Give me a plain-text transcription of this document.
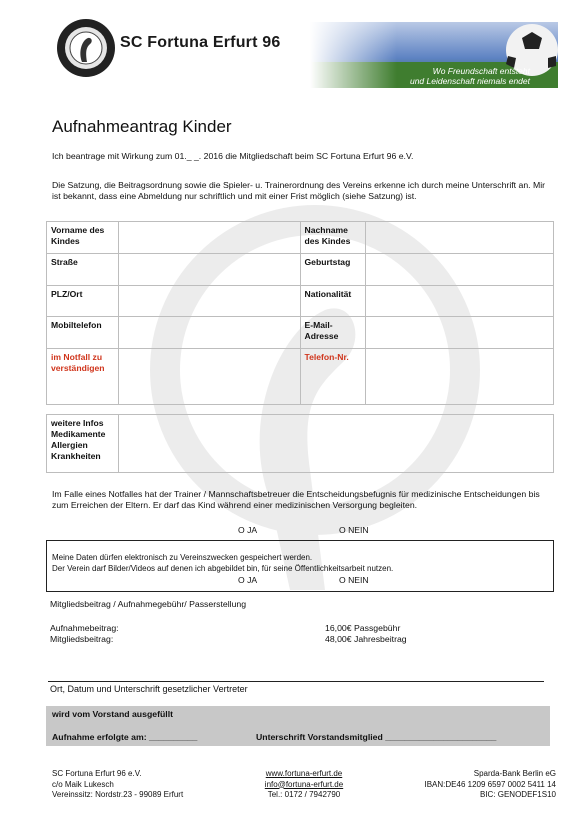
SC Fortuna Erfurt 96
Wo Freundschaft entsteht
und Leidenschaft niemals endet
Aufnahmeantrag Kinder
Ich beantrage mit Wirkung zum 01._ _. 2016 die Mitgliedschaft beim SC Fortuna Erfurt 96 e.V.
Die Satzung, die Beitragsordnung sowie die Spieler- u. Trainerordnung des Vereins erkenne ich durch meine Unterschrift an. Mir ist bekannt, dass eine Abmeldung nur schriftlich und mit einer Frist möglich (siehe Satzung) ist.
Vorname des Kindes		Nachname des Kindes	
Straße		Geburtstag	
PLZ/Ort		Nationalität	
Mobiltelefon		E-Mail-Adresse	
im Notfall zu verständigen		Telefon-Nr.	
weitere Infos Medikamente Allergien Krankheiten	
Im Falle eines Notfalles hat der Trainer / Mannschaftsbetreuer die Entscheidungsbefugnis für medizinische Entscheidungen bis zum Erreichen der Eltern. Er darf das Kind während einer medizinischen Versorgung begleiten.
O JA	O NEIN
Meine Daten dürfen elektronisch zu Vereinszwecken gespeichert werden.
Der Verein darf Bilder/Videos auf denen ich abgebildet bin, für seine Öffentlichkeitsarbeit nutzen.
O JA	O NEIN
Mitgliedsbeitrag / Aufnahmegebühr/ Passerstellung
Aufnahmebeitrag:	16,00€ Passgebühr
Mitgliedsbeitrag:	48,00€ Jahresbeitrag
Ort, Datum und Unterschrift gesetzlicher Vertreter
wird vom Vorstand ausgefüllt
Aufnahme erfolgte am: __________	Unterschrift Vorstandsmitglied _______________________
SC Fortuna Erfurt 96 e.V.
c/o Maik Lukesch
Vereinssitz: Nordstr.23 - 99089 Erfurt
www.fortuna-erfurt.de
info@fortuna-erfurt.de
Tel.: 0172 / 7942790
Sparda-Bank Berlin eG
IBAN:DE46 1209 6597 0002 5411 14
BIC: GENODEF1S10
